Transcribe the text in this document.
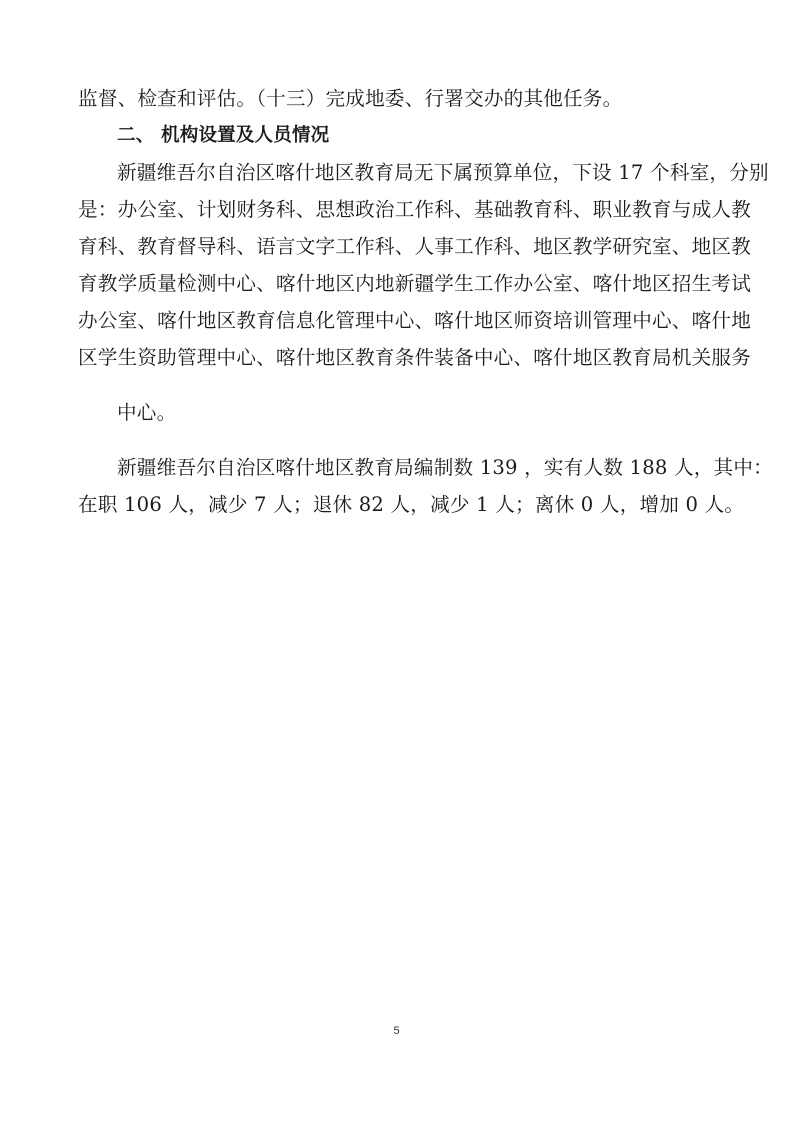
监督、检查和评估。（十三）完成地委、行署交办的其他任务。
二、 机构设置及人员情况
新疆维吾尔自治区喀什地区教育局无下属预算单位，下设 17 个科室，分别
是：办公室、计划财务科、思想政治工作科、基础教育科、职业教育与成人教
育科、教育督导科、语言文字工作科、人事工作科、地区教学研究室、地区教
育教学质量检测中心、喀什地区内地新疆学生工作办公室、喀什地区招生考试
办公室、喀什地区教育信息化管理中心、喀什地区师资培训管理中心、喀什地
区学生资助管理中心、喀什地区教育条件装备中心、喀什地区教育局机关服务
中心。
新疆维吾尔自治区喀什地区教育局编制数 139 ，实有人数 188 人，其中：
在职 106 人，减少 7 人；退休 82 人，减少 1 人；离休 0 人，增加 0 人。
5
